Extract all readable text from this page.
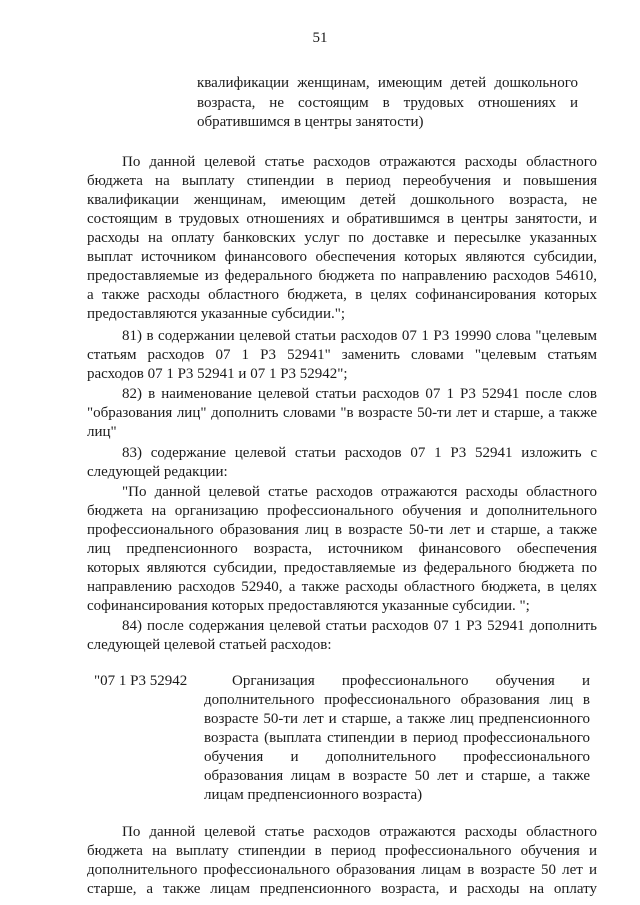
51
квалификации женщинам, имеющим детей дошкольного
возраста, не состоящим в трудовых отношениях и
обратившимся в центры занятости)
По данной целевой статье расходов отражаются расходы областного
бюджета на выплату стипендии в период переобучения и повышения
квалификации женщинам, имеющим детей дошкольного возраста, не
состоящим в трудовых отношениях и обратившимся в центры занятости, и
расходы на оплату банковских услуг по доставке и пересылке указанных
выплат источником финансового обеспечения которых являются субсидии,
предоставляемые из федерального бюджета по направлению расходов 54610,
а также расходы областного бюджета, в целях софинансирования которых
предоставляются указанные субсидии.";
81) в содержании целевой статьи расходов 07 1 Р3 19990 слова "целевым
статьям расходов 07 1 Р3 52941" заменить словами "целевым статьям
расходов 07 1 Р3 52941 и 07 1 Р3 52942";
82) в наименование целевой статьи расходов 07 1 Р3 52941 после слов
"образования лиц" дополнить словами "в возрасте 50-ти лет и старше, а также
лиц"
83) содержание целевой статьи расходов 07 1 Р3 52941 изложить с
следующей редакции:
"По данной целевой статье расходов отражаются расходы областного
бюджета на организацию профессионального обучения и дополнительного
профессионального образования лиц в возрасте 50-ти лет и старше, а также
лиц предпенсионного возраста, источником финансового обеспечения
которых являются субсидии, предоставляемые из федерального бюджета по
направлению расходов 52940, а также расходы областного бюджета, в целях
софинансирования которых предоставляются указанные субсидии. ";
84) после содержания целевой статьи расходов 07 1 Р3 52941 дополнить
следующей целевой статьей расходов:
"07 1 Р3 52942	Организация профессионального обучения и
дополнительного профессионального образования лиц в
возрасте 50-ти лет и старше, а также лиц предпенсионного
возраста (выплата стипендии в период профессионального
обучения и дополнительного профессионального
образования лицам в возрасте 50 лет и старше, а также
лицам предпенсионного возраста)
По данной целевой статье расходов отражаются расходы областного
бюджета на выплату стипендии в период профессионального обучения и
дополнительного профессионального образования лицам в возрасте 50 лет и
старше, а также лицам предпенсионного возраста, и расходы на оплату
